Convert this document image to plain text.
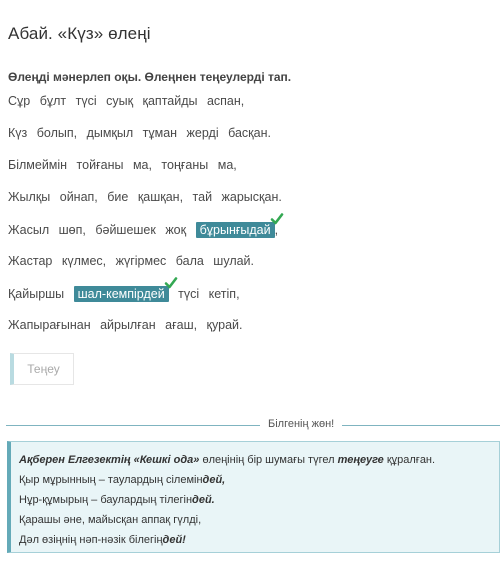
Абай. «Күз» өлеңі
Өлеңді мәнерлеп оқы. Өлеңнен теңеулерді тап.
Сұр бұлт түсі суық қаптайды аспан,
Күз болып, дымқыл тұман жерді басқан.
Білмеймін тойғаны ма, тоңғаны ма,
Жылқы ойнап, бие қашқан, тай жарысқан.
Жасыл шөп, бәйшешек жоқ бұрынғыдай ,
Жастар күлмес, жүгірмес бала шулай.
Қайыршы шал-кемпірдей түсі кетіп,
Жапырағынан айрылған ағаш, қурай.
Теңеу
Білгенің жөн!
Ақберен Елгезектің «Кешкі ода» өлеңінің бір шумағы түгел теңеуге құралған.
Қыр мұрынның – таулардың сілеміндей,
Нұр-құмырың – баулардың тілегіндей.
Қарашы әне, майысқан аппақ гүлді,
Дәл өзіңнің нәп-нәзік білегіңдей!
